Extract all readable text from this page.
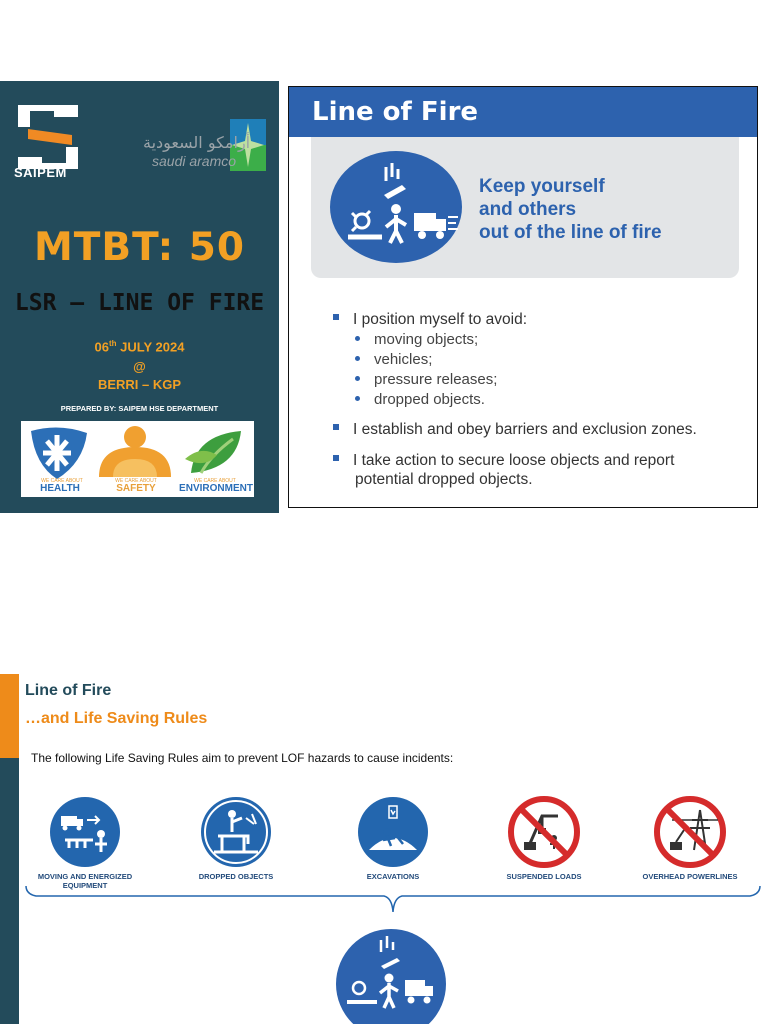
SAIPEM
أرامكو السعودية
saudi aramco
MTBT: 50
LSR – LINE OF FIRE
06th JULY 2024
@
BERRI – KGP
PREPARED BY: SAIPEM HSE DEPARTMENT
WE CARE ABOUT
HEALTH
WE CARE ABOUT
SAFETY
WE CARE ABOUT
ENVIRONMENT
Line of Fire
Keep yourself
and others
out of the line of fire
I position myself to avoid:
moving objects;
vehicles;
pressure releases;
dropped objects.
I establish and obey barriers and exclusion zones.
I take action to secure loose objects and report
potential dropped objects.
Line of Fire
…and Life Saving Rules
The following Life Saving Rules aim to prevent LOF hazards to cause incidents:
MOVING AND ENERGIZED
EQUIPMENT
DROPPED OBJECTS	EXCAVATIONS	SUSPENDED LOADS	OVERHEAD POWERLINES
